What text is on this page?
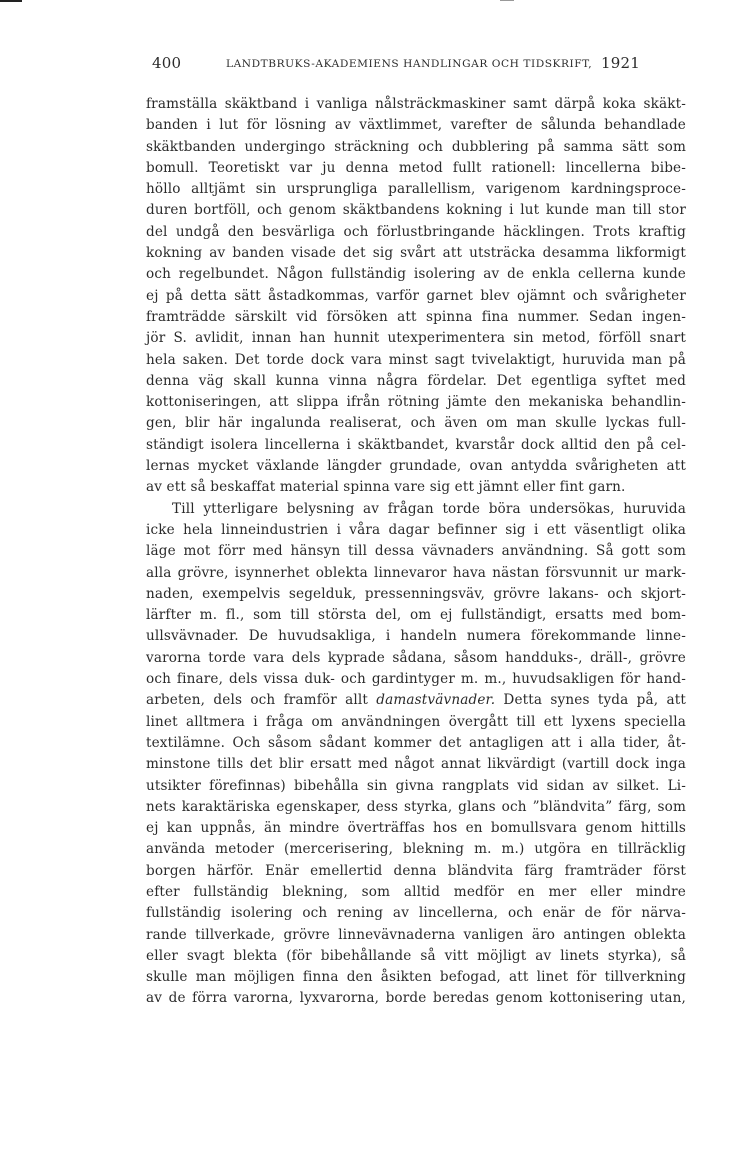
400	LANDTBRUKS-AKADEMIENS HANDLINGAR OCH TIDSKRIFT, 1921
framställa skäktband i vanliga nålsträckmaskiner samt därpå koka skäkt-
banden i lut för lösning av växtlimmet, varefter de sålunda behandlade
skäktbanden undergingo sträckning och dubblering på samma sätt som
bomull. Teoretiskt var ju denna metod fullt rationell: lincellerna bibe-
höllo alltjämt sin ursprungliga parallellism, varigenom kardningsproce-
duren bortföll, och genom skäktbandens kokning i lut kunde man till stor
del undgå den besvärliga och förlustbringande häcklingen. Trots kraftig
kokning av banden visade det sig svårt att utsträcka desamma likformigt
och regelbundet. Någon fullständig isolering av de enkla cellerna kunde
ej på detta sätt åstadkommas, varför garnet blev ojämnt och svårigheter
framträdde särskilt vid försöken att spinna fina nummer. Sedan ingen-
jör S. avlidit, innan han hunnit utexperimentera sin metod, förföll snart
hela saken. Det torde dock vara minst sagt tvivelaktigt, huruvida man på
denna väg skall kunna vinna några fördelar. Det egentliga syftet med
kottoniseringen, att slippa ifrån rötning jämte den mekaniska behandlin-
gen, blir här ingalunda realiserat, och även om man skulle lyckas full-
ständigt isolera lincellerna i skäktbandet, kvarstår dock alltid den på cel-
lernas mycket växlande längder grundade, ovan antydda svårigheten att
av ett så beskaffat material spinna vare sig ett jämnt eller fint garn.
Till ytterligare belysning av frågan torde böra undersökas, huruvida
icke hela linneindustrien i våra dagar befinner sig i ett väsentligt olika
läge mot förr med hänsyn till dessa vävnaders användning. Så gott som
alla grövre, isynnerhet oblekta linnevaror hava nästan försvunnit ur mark-
naden, exempelvis segelduk, pressenningsväv, grövre lakans- och skjort-
lärfter m. fl., som till största del, om ej fullständigt, ersatts med bom-
ullsvävnader. De huvudsakliga, i handeln numera förekommande linne-
varorna torde vara dels kyprade sådana, såsom handduks-, dräll-, grövre
och finare, dels vissa duk- och gardintyger m. m., huvudsakligen för hand-
arbeten, dels och framför allt damastvävnader. Detta synes tyda på, att
linet alltmera i fråga om användningen övergått till ett lyxens speciella
textilämne. Och såsom sådant kommer det antagligen att i alla tider, åt-
minstone tills det blir ersatt med något annat likvärdigt (vartill dock inga
utsikter förefinnas) bibehålla sin givna rangplats vid sidan av silket. Li-
nets karaktäriska egenskaper, dess styrka, glans och ”bländvita” färg, som
ej kan uppnås, än mindre överträffas hos en bomullsvara genom hittills
använda metoder (mercerisering, blekning m. m.) utgöra en tillräcklig
borgen härför. Enär emellertid denna bländvita färg framträder först
efter fullständig blekning, som alltid medför en mer eller mindre
fullständig isolering och rening av lincellerna, och enär de för närva-
rande tillverkade, grövre linnevävnaderna vanligen äro antingen oblekta
eller svagt blekta (för bibehållande så vitt möjligt av linets styrka), så
skulle man möjligen finna den åsikten befogad, att linet för tillverkning
av de förra varorna, lyxvarorna, borde beredas genom kottonisering utan,
